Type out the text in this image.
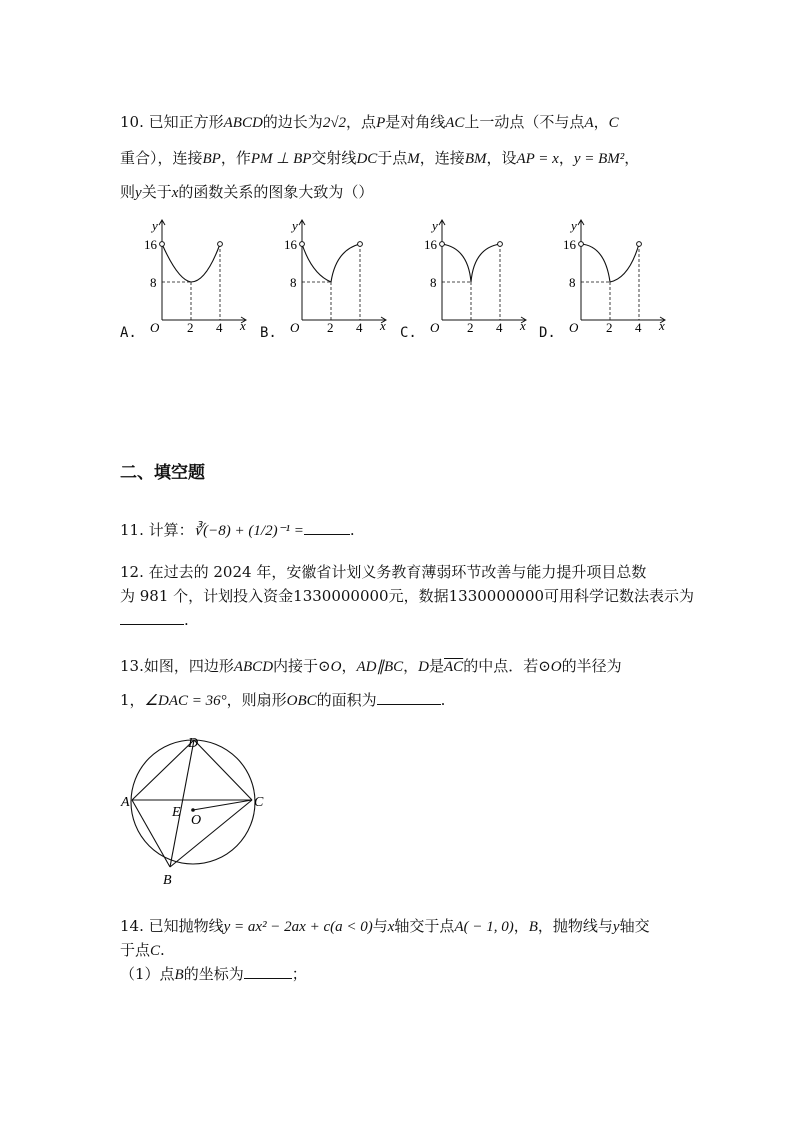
10. 已知正方形ABCD的边长为2√2，点P是对角线AC上一动点（不与点A，C
重合），连接BP，作PM ⊥ BP交射线DC于点M，连接BM，设AP = x，y = BM²，
则y关于x的函数关系的图象大致为（）
A.	B.	C.	D.
y
x
O
16
8
2 4
y
x
O
16
8
2 4
y
x
O
16
8
2 4
y
x
O
16
8
2 4
二、填空题
11. 计算：∛(−8) + (1/2)⁻¹ =	.
12. 在过去的 2024 年，安徽省计划义务教育薄弱环节改善与能力提升项目总数
为 981 个，计划投入资金1330000000元，数据1330000000可用科学记数法表示为
.
13.如图，四边形ABCD内接于⊙O，AD∥BC，D是$\overline{AC}$的中点．若⊙O的半径为
1，∠DAC = 36°，则扇形OBC的面积为	.
D
A	C
B
E
O
14. 已知抛物线y = ax² − 2ax + c(a < 0)与x轴交于点A( − 1, 0)，B，抛物线与y轴交
于点C.
（1）点B的坐标为	；
